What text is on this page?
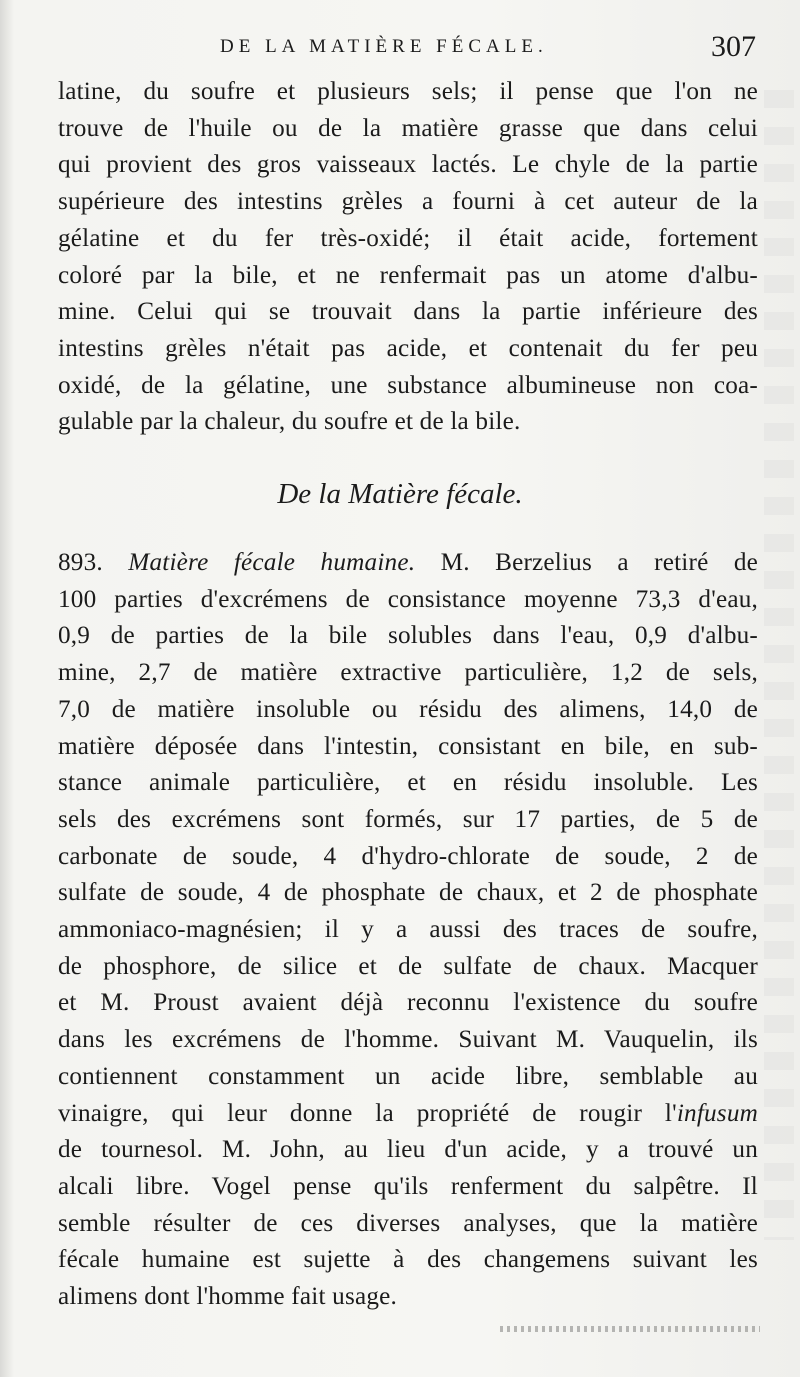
DE LA MATIÈRE FÉCALE.	307
latine, du soufre et plusieurs sels; il pense que l'on ne
trouve de l'huile ou de la matière grasse que dans celui
qui provient des gros vaisseaux lactés. Le chyle de la partie
supérieure des intestins grèles a fourni à cet auteur de la
gélatine et du fer très-oxidé; il était acide, fortement
coloré par la bile, et ne renfermait pas un atome d'albu-
mine. Celui qui se trouvait dans la partie inférieure des
intestins grèles n'était pas acide, et contenait du fer peu
oxidé, de la gélatine, une substance albumineuse non coa-
gulable par la chaleur, du soufre et de la bile.
De la Matière fécale.
893. Matière fécale humaine. M. Berzelius a retiré de
100 parties d'excrémens de consistance moyenne 73,3 d'eau,
0,9 de parties de la bile solubles dans l'eau, 0,9 d'albu-
mine, 2,7 de matière extractive particulière, 1,2 de sels,
7,0 de matière insoluble ou résidu des alimens, 14,0 de
matière déposée dans l'intestin, consistant en bile, en sub-
stance animale particulière, et en résidu insoluble. Les
sels des excrémens sont formés, sur 17 parties, de 5 de
carbonate de soude, 4 d'hydro-chlorate de soude, 2 de
sulfate de soude, 4 de phosphate de chaux, et 2 de phosphate
ammoniaco-magnésien; il y a aussi des traces de soufre,
de phosphore, de silice et de sulfate de chaux. Macquer
et M. Proust avaient déjà reconnu l'existence du soufre
dans les excrémens de l'homme. Suivant M. Vauquelin, ils
contiennent constamment un acide libre, semblable au
vinaigre, qui leur donne la propriété de rougir l'infusum
de tournesol. M. John, au lieu d'un acide, y a trouvé un
alcali libre. Vogel pense qu'ils renferment du salpêtre. Il
semble résulter de ces diverses analyses, que la matière
fécale humaine est sujette à des changemens suivant les
alimens dont l'homme fait usage.
